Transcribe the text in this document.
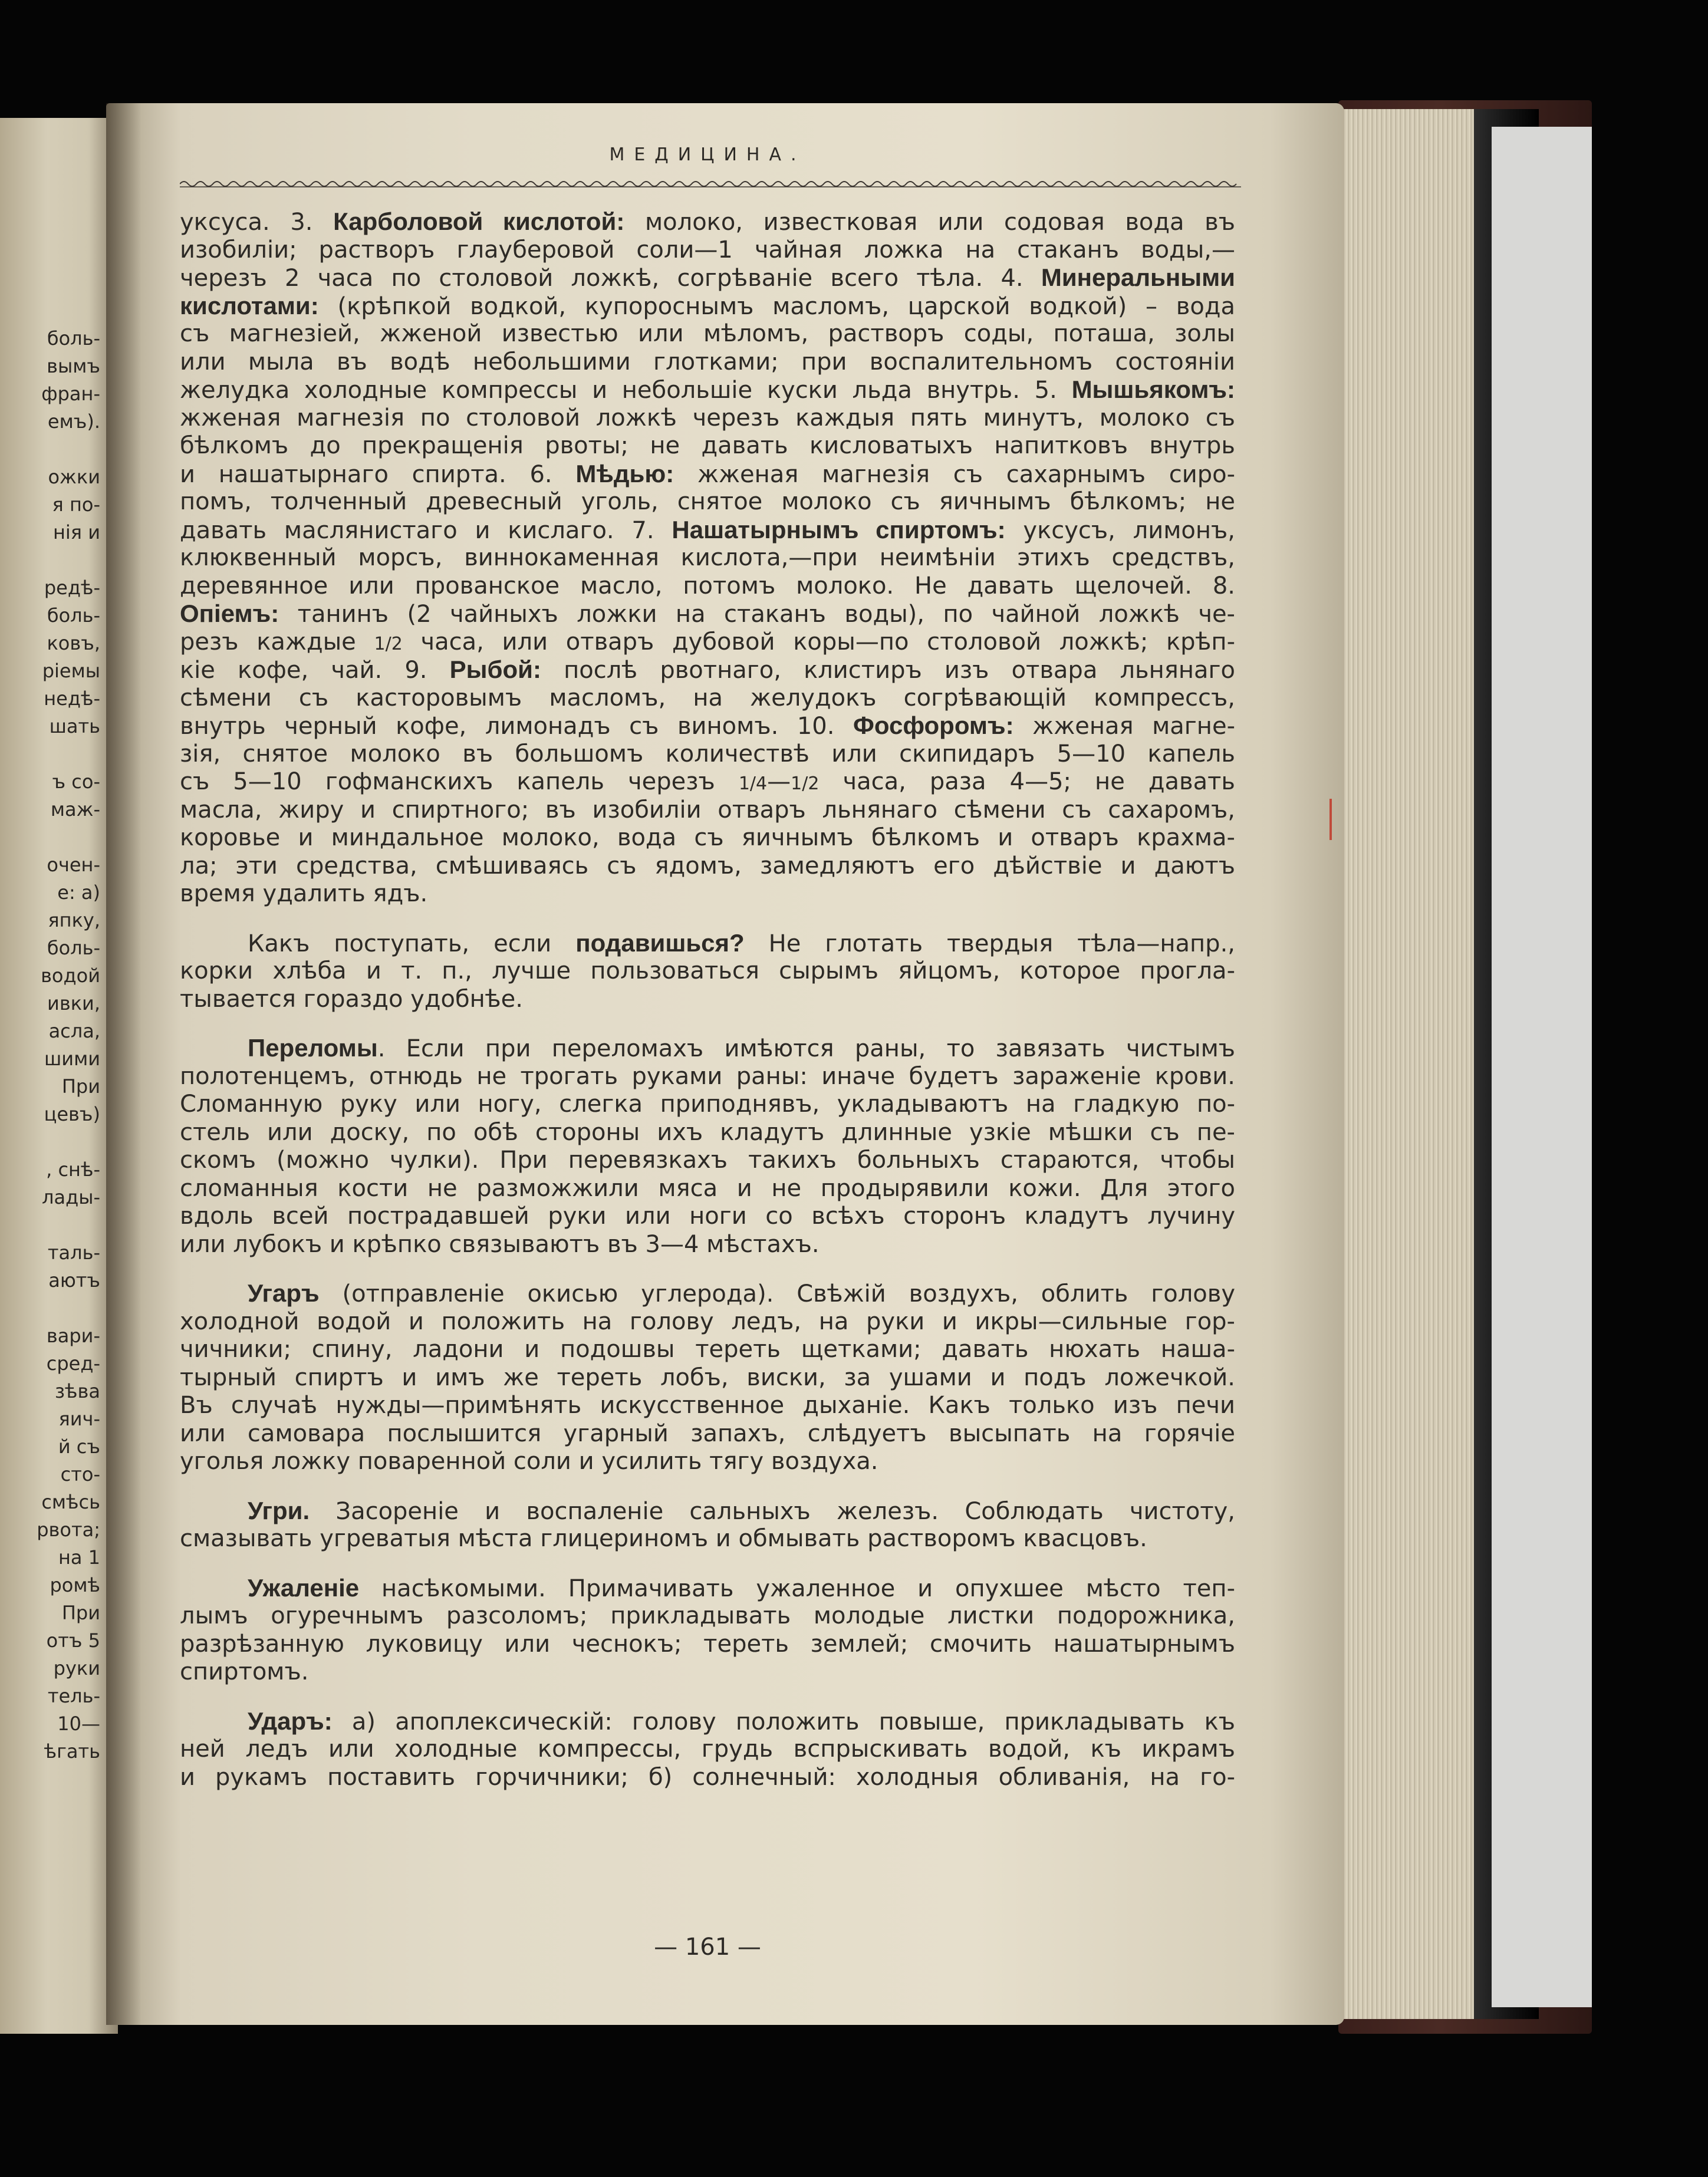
боль-
вымъ
фран-
емъ).
ожки
я по-
нія и
редѣ-
боль-
ковъ,
ріемы
недѣ-
шать
ъ со-
маж-
очен-
е: а)
япку,
боль-
водой
ивки,
асла,
шими
При
цевъ)
, снѣ-
лады-
таль-
аютъ
вари-
сред-
зѣва
яич-
й съ
сто-
смѣсь
рвота;
на 1
ромѣ
При
отъ 5
руки
тель-
10—
ѣгать
МЕДИЦИНА.
уксуса. 3. Карболовой кислотой: молоко, известковая или содовая вода въ
изобиліи; растворъ глауберовой соли—1 чайная ложка на стаканъ воды,—
черезъ 2 часа по столовой ложкѣ, согрѣваніе всего тѣла. 4. Минеральными
кислотами: (крѣпкой водкой, купороснымъ масломъ, царской водкой) – вода
съ магнезіей, жженой известью или мѣломъ, растворъ соды, поташа, золы
или мыла въ водѣ небольшими глотками; при воспалительномъ состояніи
желудка холодные компрессы и небольшіе куски льда внутрь. 5. Мышьякомъ:
жженая магнезія по столовой ложкѣ черезъ каждыя пять минутъ, молоко съ
бѣлкомъ до прекращенія рвоты; не давать кисловатыхъ напитковъ внутрь
и нашатырнаго спирта. 6. Мѣдью: жженая магнезія съ сахарнымъ сиро-
помъ, толченный древесный уголь, снятое молоко съ яичнымъ бѣлкомъ; не
давать маслянистаго и кислаго. 7. Нашатырнымъ спиртомъ: уксусъ, лимонъ,
клюквенный морсъ, виннокаменная кислота,—при неимѣніи этихъ средствъ,
деревянное или прованское масло, потомъ молоко. Не давать щелочей. 8.
Опіемъ: танинъ (2 чайныхъ ложки на стаканъ воды), по чайной ложкѣ че-
резъ каждые 1/2 часа, или отваръ дубовой коры—по столовой ложкѣ; крѣп-
кіе кофе, чай. 9. Рыбой: послѣ рвотнаго, клистиръ изъ отвара льнянаго
сѣмени съ касторовымъ масломъ, на желудокъ согрѣвающій компрессъ,
внутрь черный кофе, лимонадъ съ виномъ. 10. Фосфоромъ: жженая магне-
зія, снятое молоко въ большомъ количествѣ или скипидаръ 5—10 капель
съ 5—10 гофманскихъ капель черезъ 1/4—1/2 часа, раза 4—5; не давать
масла, жиру и спиртного; въ изобиліи отваръ льнянаго сѣмени съ сахаромъ,
коровье и миндальное молоко, вода съ яичнымъ бѣлкомъ и отваръ крахма-
ла; эти средства, смѣшиваясь съ ядомъ, замедляютъ его дѣйствіе и даютъ
время удалить ядъ.
Какъ поступать, если подавишься? Не глотать твердыя тѣла—напр.,
корки хлѣба и т. п., лучше пользоваться сырымъ яйцомъ, которое прогла-
тывается гораздо удобнѣе.
Переломы. Если при переломахъ имѣются раны, то завязать чистымъ
полотенцемъ, отнюдь не трогать руками раны: иначе будетъ зараженіе крови.
Сломанную руку или ногу, слегка приподнявъ, укладываютъ на гладкую по-
стель или доску, по обѣ стороны ихъ кладутъ длинные узкіе мѣшки съ пе-
скомъ (можно чулки). При перевязкахъ такихъ больныхъ стараются, чтобы
сломанныя кости не разможжили мяса и не продырявили кожи. Для этого
вдоль всей пострадавшей руки или ноги со всѣхъ сторонъ кладутъ лучину
или лубокъ и крѣпко связываютъ въ 3—4 мѣстахъ.
Угаръ (отправленіе окисью углерода). Свѣжій воздухъ, облить голову
холодной водой и положить на голову ледъ, на руки и икры—сильные гор-
чичники; спину, ладони и подошвы тереть щетками; давать нюхать наша-
тырный спиртъ и имъ же тереть лобъ, виски, за ушами и подъ ложечкой.
Въ случаѣ нужды—примѣнять искусственное дыханіе. Какъ только изъ печи
или самовара послышится угарный запахъ, слѣдуетъ высыпать на горячіе
уголья ложку поваренной соли и усилить тягу воздуха.
Угри. Засореніе и воспаленіе сальныхъ железъ. Соблюдать чистоту,
смазывать угреватыя мѣста глицериномъ и обмывать растворомъ квасцовъ.
Ужаленіе насѣкомыми. Примачивать ужаленное и опухшее мѣсто теп-
лымъ огуречнымъ разсоломъ; прикладывать молодые листки подорожника,
разрѣзанную луковицу или чеснокъ; тереть землей; смочить нашатырнымъ
спиртомъ.
Ударъ: а) апоплексическій: голову положить повыше, прикладывать къ
ней ледъ или холодные компрессы, грудь вспрыскивать водой, къ икрамъ
и рукамъ поставить горчичники; б) солнечный: холодныя обливанія, на го-
— 161 —
